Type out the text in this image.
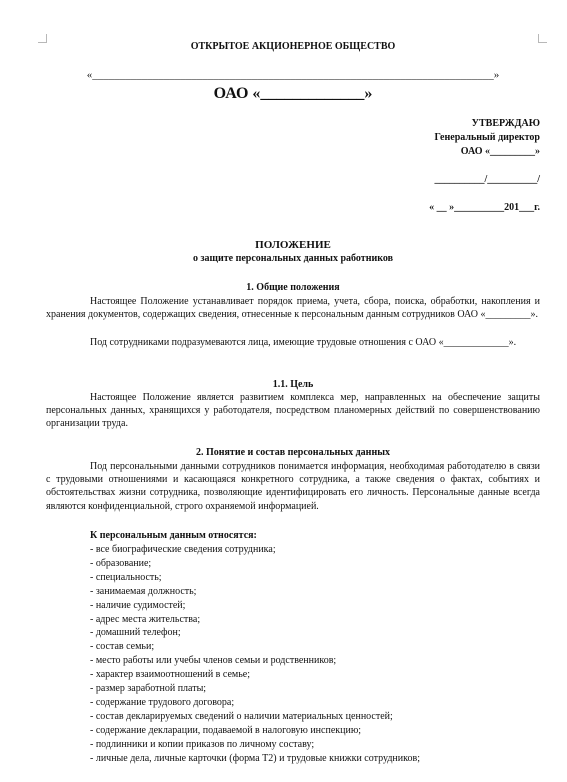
ОТКРЫТОЕ АКЦИОНЕРНОЕ ОБЩЕСТВО
«_________________________________________________________________________»
ОАО «_____________»
УТВЕРЖДАЮ
Генеральный директор
ОАО «_________»
__________/__________/
« __ »__________201___г.
ПОЛОЖЕНИЕ
о защите персональных данных работников
1. Общие положения
Настоящее Положение устанавливает порядок приема, учета, сбора, поиска, обработки, накопления и хранения документов, содержащих сведения, отнесенные к персональным данным сотрудников ОАО «_________».
Под сотрудниками подразумеваются лица, имеющие трудовые отношения с ОАО «_____________».
1.1. Цель
Настоящее Положение является развитием комплекса мер, направленных на обеспечение защиты персональных данных, хранящихся у работодателя, посредством планомерных действий по совершенствованию организации труда.
2. Понятие и состав персональных данных
Под персональными данными сотрудников понимается информация, необходимая работодателю в связи с трудовыми отношениями и касающаяся конкретного сотрудника, а также сведения о фактах, событиях и обстоятельствах жизни сотрудника, позволяющие идентифицировать его личность. Персональные данные всегда являются конфиденциальной, строго охраняемой информацией.
К персональным данным относятся:
- все биографические сведения сотрудника;
- образование;
- специальность;
- занимаемая должность;
- наличие судимостей;
- адрес места жительства;
- домашний телефон;
- состав семьи;
- место работы или учебы членов семьи и родственников;
- характер взаимоотношений в семье;
- размер заработной платы;
- содержание трудового договора;
- состав декларируемых сведений о наличии материальных ценностей;
- содержание декларации, подаваемой в налоговую инспекцию;
- подлинники и копии приказов по личному составу;
- личные дела, личные карточки (форма Т2) и трудовые книжки сотрудников;
